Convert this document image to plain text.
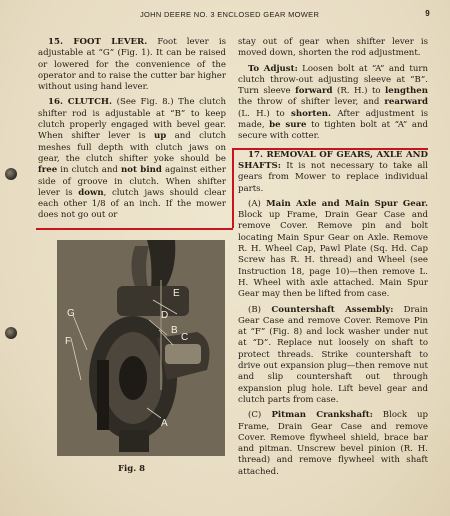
JOHN DEERE NO. 3 ENCLOSED GEAR MOWER	9

15. FOOT LEVER. Foot lever is adjustable at “G” (Fig. 1). It can be raised or lowered for the convenience of the operator and to raise the cutter bar higher without using hand lever.

16. CLUTCH. (See Fig. 8.) The clutch shifter rod is adjustable at “B” to keep clutch properly engaged with bevel gear. When shifter lever is up and clutch meshes full depth with clutch jaws on gear, the clutch shifter yoke should be free in clutch and not bind against either side of groove in clutch. When shifter lever is down, clutch jaws should clear each other 1/8 of an inch. If the mower does not go out or

stay out of gear when shifter lever is moved down, shorten the rod adjustment.

To Adjust: Loosen bolt at “A” and turn clutch throw-out adjusting sleeve at “B”. Turn sleeve forward (R. H.) to lengthen the throw of shifter lever, and rearward (L. H.) to shorten. After adjustment is made, be sure to tighten bolt at “A” and secure with cotter.

17. REMOVAL OF GEARS, AXLE AND SHAFTS: It is not necessary to take all gears from Mower to replace individual parts.

(A) Main Axle and Main Spur Gear. Block up Frame, Drain Gear Case and remove Cover. Remove pin and bolt locating Main Spur Gear on Axle. Remove R. H. Wheel Cap, Pawl Plate (Sq. Hd. Cap Screw has R. H. thread) and Wheel (see Instruction 18, page 10)—then remove L. H. Wheel with axle attached. Main Spur Gear may then be lifted from case.

(B) Countershaft Assembly: Drain Gear Case and remove Cover. Remove Pin at “F” (Fig. 8) and lock washer under nut at “D”. Replace nut loosely on shaft to protect threads. Strike countershaft to drive out expansion plug—then remove nut and slip countershaft out through expansion plug hole. Lift bevel gear and clutch parts from case.

(C) Pitman Crankshaft: Block up Frame, Drain Gear Case and remove Cover. Remove flywheel shield, brace bar and pitman. Unscrew bevel pinion (R. H. thread) and remove flywheel with shaft attached.

E
G	D
B
C
F
A
Fig. 8
